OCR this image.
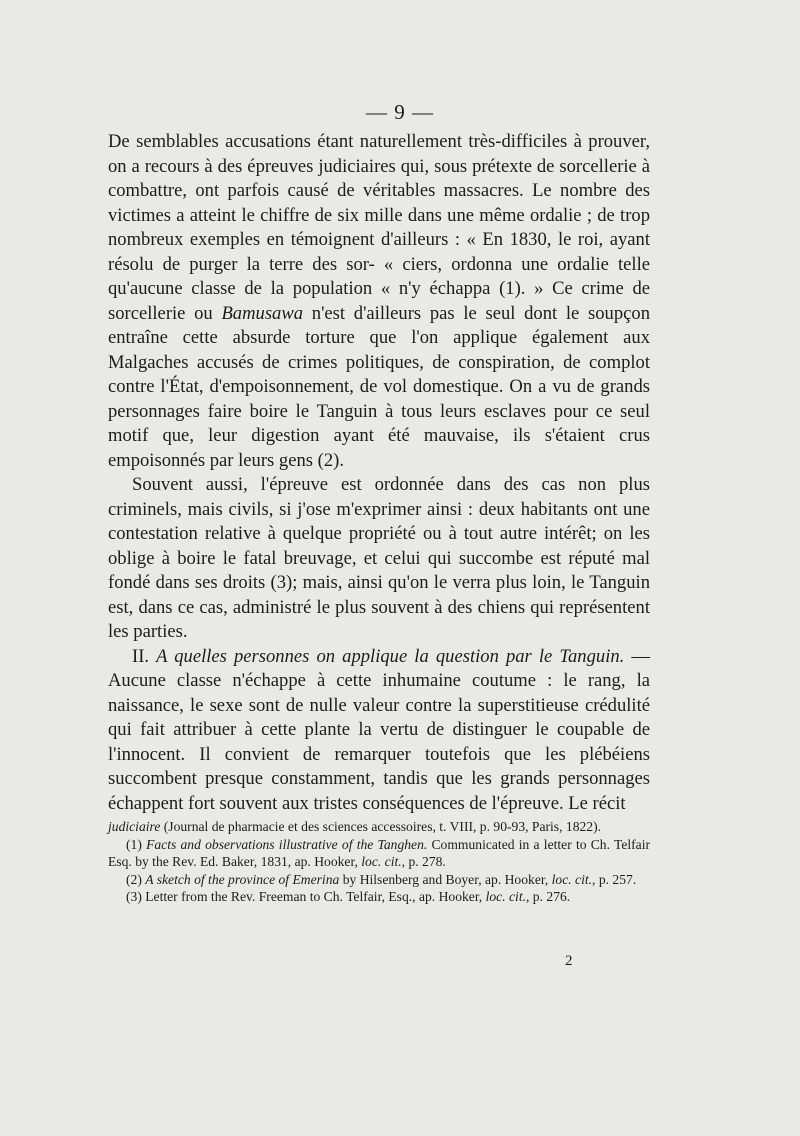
— 9 —

De semblables accusations étant naturellement très-difficiles à prouver, on a recours à des épreuves judiciaires qui, sous prétexte de sorcellerie à combattre, ont parfois causé de véritables massacres. Le nombre des victimes a atteint le chiffre de six mille dans une même ordalie ; de trop nombreux exemples en témoignent d'ailleurs : « En 1830, le roi, ayant résolu de purger la terre des sor- « ciers, ordonna une ordalie telle qu'aucune classe de la population « n'y échappa (1). » Ce crime de sorcellerie ou Bamusawa n'est d'ailleurs pas le seul dont le soupçon entraîne cette absurde torture que l'on applique également aux Malgaches accusés de crimes politiques, de conspiration, de complot contre l'État, d'empoisonnement, de vol domestique. On a vu de grands personnages faire boire le Tanguin à tous leurs esclaves pour ce seul motif que, leur digestion ayant été mauvaise, ils s'étaient crus empoisonnés par leurs gens (2).

Souvent aussi, l'épreuve est ordonnée dans des cas non plus criminels, mais civils, si j'ose m'exprimer ainsi : deux habitants ont une contestation relative à quelque propriété ou à tout autre intérêt; on les oblige à boire le fatal breuvage, et celui qui succombe est réputé mal fondé dans ses droits (3); mais, ainsi qu'on le verra plus loin, le Tanguin est, dans ce cas, administré le plus souvent à des chiens qui représentent les parties.

II. A quelles personnes on applique la question par le Tanguin. — Aucune classe n'échappe à cette inhumaine coutume : le rang, la naissance, le sexe sont de nulle valeur contre la superstitieuse crédulité qui fait attribuer à cette plante la vertu de distinguer le coupable de l'innocent. Il convient de remarquer toutefois que les plébéiens succombent presque constamment, tandis que les grands personnages échappent fort souvent aux tristes conséquences de l'épreuve. Le récit

judiciaire (Journal de pharmacie et des sciences accessoires, t. VIII, p. 90-93, Paris, 1822).

(1) Facts and observations illustrative of the Tanghen. Communicated in a letter to Ch. Telfair Esq. by the Rev. Ed. Baker, 1831, ap. Hooker, loc. cit., p. 278.

(2) A sketch of the province of Emerina by Hilsenberg and Boyer, ap. Hooker, loc. cit., p. 257.

(3) Letter from the Rev. Freeman to Ch. Telfair, Esq., ap. Hooker, loc. cit., p. 276.

2
